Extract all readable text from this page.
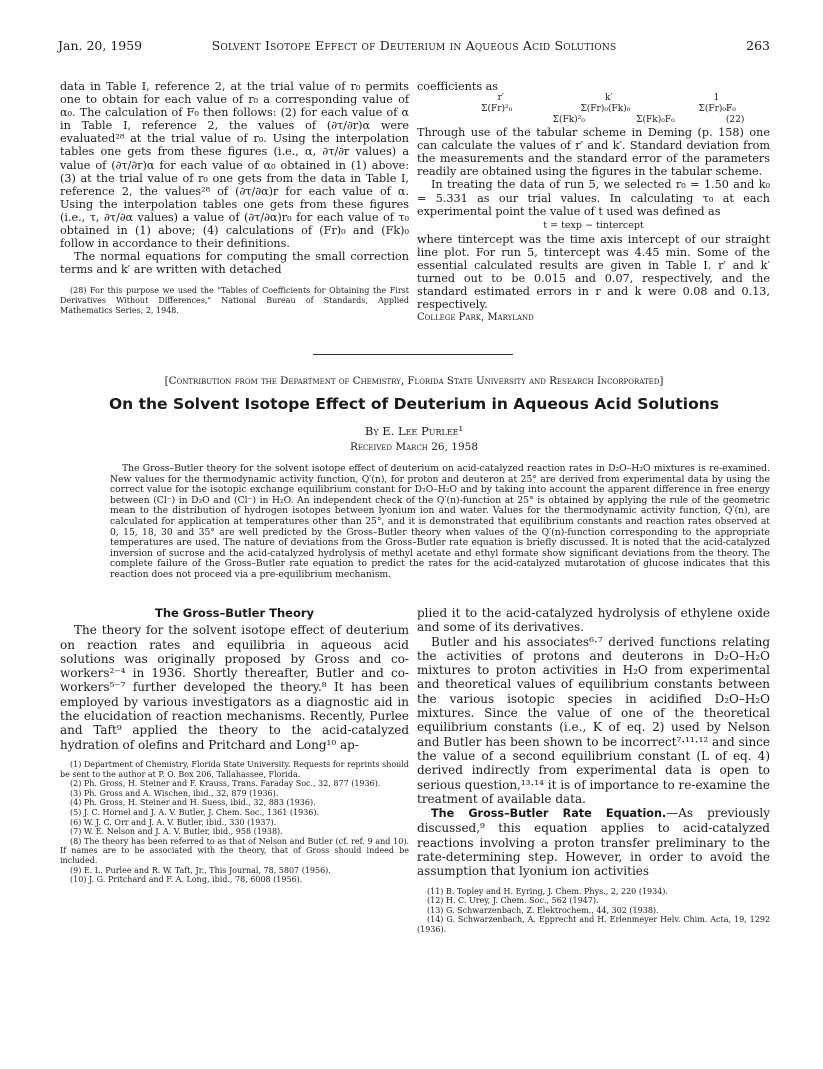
Jan. 20, 1959	Solvent Isotope Effect of Deuterium in Aqueous Acid Solutions	263

data in Table I, reference 2, at the trial value of r₀ permits one to obtain for each value of r₀ a corresponding value of α₀. The calculation of F₀ then follows: (2) for each value of α in Table I, reference 2, the values of (∂τ/∂r)α were evaluated²⁸ at the trial value of r₀. Using the interpolation tables one gets from these figures (i.e., α, ∂τ/∂r values) a value of (∂τ/∂r)α for each value of α₀ obtained in (1) above: (3) at the trial value of r₀ one gets from the data in Table I, reference 2, the values²⁸ of (∂τ/∂α)r for each value of α. Using the interpolation tables one gets from these figures (i.e., τ, ∂τ/∂α values) a value of (∂τ/∂α)r₀ for each value of τ₀ obtained in (1) above; (4) calculations of (Fr)₀ and (Fk)₀ follow in accordance to their definitions.

The normal equations for computing the small correction terms and k′ are written with detached

(28) For this purpose we used the "Tables of Coefficients for Obtaining the First Derivatives Without Differences," National Bureau of Standards, Applied Mathematics Series, 2, 1948.

coefficients as

r′	k′	1
Σ(Fr)²₀	Σ(Fr)₀(Fk)₀	Σ(Fr)₀F₀
Σ(Fk)²₀	Σ(Fk)₀F₀	(22)

Through use of the tabular scheme in Deming (p. 158) one can calculate the values of r′ and k′. Standard deviation from the measurements and the standard error of the parameters readily are obtained using the figures in the tabular scheme.

In treating the data of run 5, we selected r₀ = 1.50 and k₀ = 5.331 as our trial values. In calculating τ₀ at each experimental point the value of t used was defined as

t = texp − tintercept

where tintercept was the time axis intercept of our straight line plot. For run 5, tintercept was 4.45 min. Some of the essential calculated results are given in Table I. r′ and k′ turned out to be 0.015 and 0.07, respectively, and the standard estimated errors in r and k were 0.08 and 0.13, respectively.

College Park, Maryland

[Contribution from the Department of Chemistry, Florida State University and Research Incorporated]
On the Solvent Isotope Effect of Deuterium in Aqueous Acid Solutions
By E. Lee Purlee¹
Received March 26, 1958
The Gross–Butler theory for the solvent isotope effect of deuterium on acid-catalyzed reaction rates in D₂O–H₂O mixtures is re-examined. New values for the thermodynamic activity function, Q′(n), for proton and deuteron at 25° are derived from experimental data by using the correct value for the isotopic exchange equilibrium constant for D₂O–H₂O and by taking into account the apparent difference in free energy between (Cl⁻) in D₂O and (Cl⁻) in H₂O. An independent check of the Q′(n)-function at 25° is obtained by applying the rule of the geometric mean to the distribution of hydrogen isotopes between lyonium ion and water. Values for the thermodynamic activity function, Q′(n), are calculated for application at temperatures other than 25°, and it is demonstrated that equilibrium constants and reaction rates observed at 0, 15, 18, 30 and 35° are well predicted by the Gross–Butler theory when values of the Q′(n)-function corresponding to the appropriate temperatures are used. The nature of deviations from the Gross–Butler rate equation is briefly discussed. It is noted that the acid-catalyzed inversion of sucrose and the acid-catalyzed hydrolysis of methyl acetate and ethyl formate show significant deviations from the theory. The complete failure of the Gross–Butler rate equation to predict the rates for the acid-catalyzed mutarotation of glucose indicates that this reaction does not proceed via a pre-equilibrium mechanism.
The Gross–Butler Theory

The theory for the solvent isotope effect of deuterium on reaction rates and equilibria in aqueous acid solutions was originally proposed by Gross and co-workers²⁻⁴ in 1936. Shortly thereafter, Butler and co-workers⁵⁻⁷ further developed the theory.⁸ It has been employed by various investigators as a diagnostic aid in the elucidation of reaction mechanisms. Recently, Purlee and Taft⁹ applied the theory to the acid-catalyzed hydration of olefins and Pritchard and Long¹⁰ ap-

(1) Department of Chemistry, Florida State University. Requests for reprints should be sent to the author at P. O. Box 206, Tallahassee, Florida.

(2) Ph. Gross, H. Steiner and F. Krauss, Trans. Faraday Soc., 32, 877 (1936).

(3) Ph. Gross and A. Wischen, ibid., 32, 879 (1936).

(4) Ph. Gross, H. Steiner and H. Suess, ibid., 32, 883 (1936).

(5) J. C. Hornel and J. A. V. Butler, J. Chem. Soc., 1361 (1936).

(6) W. J. C. Orr and J. A. V. Butler, ibid., 330 (1937).

(7) W. E. Nelson and J. A. V. Butler, ibid., 958 (1938).

(8) The theory has been referred to as that of Nelson and Butler (cf. ref. 9 and 10). If names are to be associated with the theory, that of Gross should indeed be included.

(9) E. L. Purlee and R. W. Taft, Jr., This Journal, 78, 5807 (1956).

(10) J. G. Pritchard and F. A. Long, ibid., 78, 6008 (1956).

plied it to the acid-catalyzed hydrolysis of ethylene oxide and some of its derivatives.

Butler and his associates⁶·⁷ derived functions relating the activities of protons and deuterons in D₂O–H₂O mixtures to proton activities in H₂O from experimental and theoretical values of equilibrium constants between the various isotopic species in acidified D₂O–H₂O mixtures. Since the value of one of the theoretical equilibrium constants (i.e., K of eq. 2) used by Nelson and Butler has been shown to be incorrect⁷·¹¹·¹² and since the value of a second equilibrium constant (L of eq. 4) derived indirectly from experimental data is open to serious question,¹³·¹⁴ it is of importance to re-examine the treatment of available data.

The Gross–Butler Rate Equation.—As previously discussed,⁹ this equation applies to acid-catalyzed reactions involving a proton transfer preliminary to the rate-determining step. However, in order to avoid the assumption that lyonium ion activities

(11) B. Topley and H. Eyring, J. Chem. Phys., 2, 220 (1934).

(12) H. C. Urey, J. Chem. Soc., 562 (1947).

(13) G. Schwarzenbach, Z. Elektrochem., 44, 302 (1938).

(14) G. Schwarzenbach, A. Epprecht and H. Erlenmeyer Helv. Chim. Acta, 19, 1292 (1936).
